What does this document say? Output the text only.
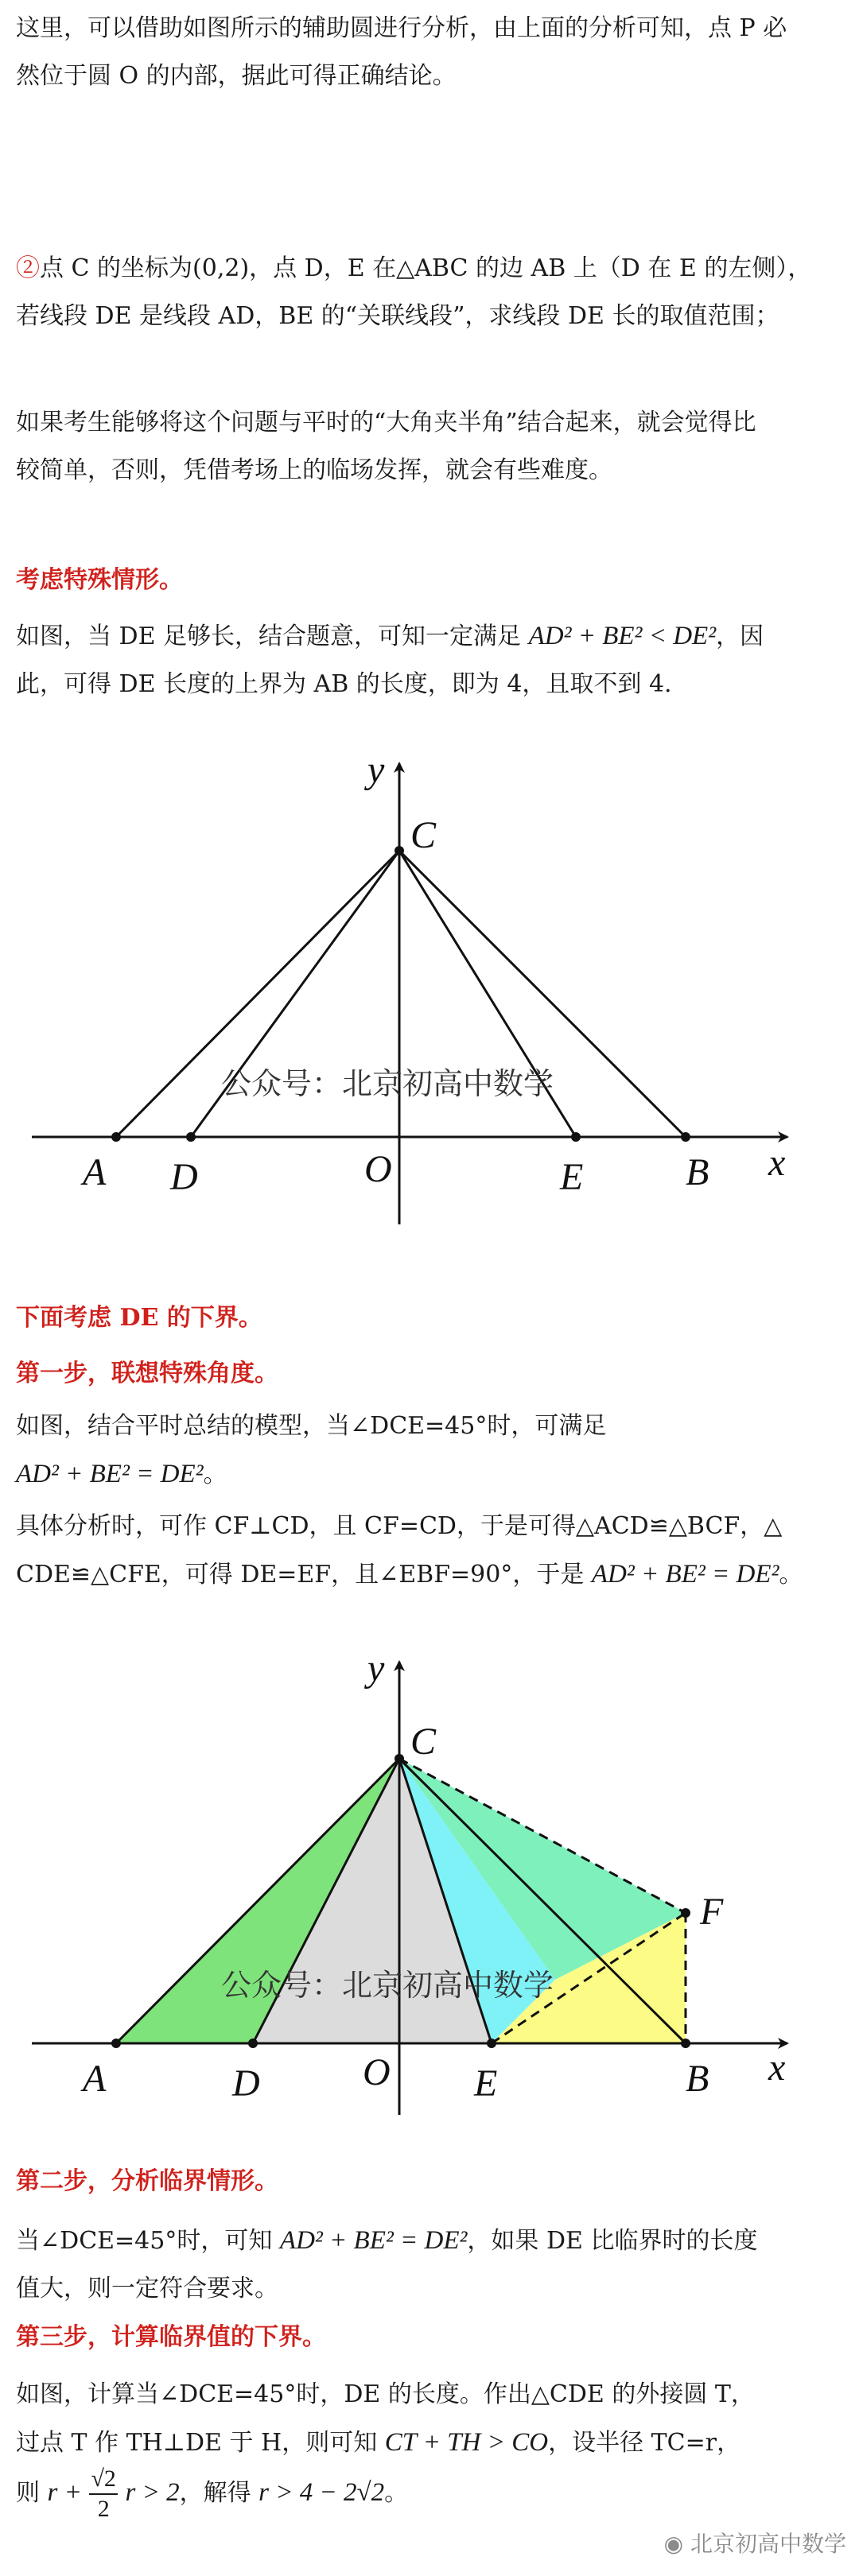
这里，可以借助如图所示的辅助圆进行分析，由上面的分析可知，点 P 必
然位于圆 O 的内部，据此可得正确结论。

②点 C 的坐标为(0,2)，点 D，E 在△ABC 的边 AB 上（D 在 E 的左侧），
若线段 DE 是线段 AD，BE 的“关联线段”，求线段 DE 长的取值范围；

如果考生能够将这个问题与平时的“大角夹半角”结合起来，就会觉得比
较简单，否则，凭借考场上的临场发挥，就会有些难度。

考虑特殊情形。

如图，当 DE 足够长，结合题意，可知一定满足 AD² + BE² < DE²，因
此，可得 DE 长度的上界为 AB 的长度，即为 4，且取不到 4.

y
C
x
A D	O	E	B
公众号：北京初高中数学

下面考虑 DE 的下界。

第一步，联想特殊角度。

如图，结合平时总结的模型，当∠DCE=45°时，可满足
AD² + BE² = DE²。

具体分析时，可作 CF⊥CD，且 CF=CD，于是可得△ACD≌△BCF，△
CDE≌△CFE，可得 DE=EF，且∠EBF=90°，于是 AD² + BE² = DE²。

y
C
F
x
A	D	O E	B
公众号：北京初高中数学

第二步，分析临界情形。

当∠DCE=45°时，可知 AD² + BE² = DE²，如果 DE 比临界时的长度
值大，则一定符合要求。

第三步，计算临界值的下界。

如图，计算当∠DCE=45°时，DE 的长度。作出△CDE 的外接圆 T，
过点 T 作 TH⊥DE 于 H，则可知 CT + TH > CO，设半径 TC=r，
则 $r + \frac{√2}{2}$ r > 2，解得 r > 4 − 2√2。

◉ 北京初高中数学
